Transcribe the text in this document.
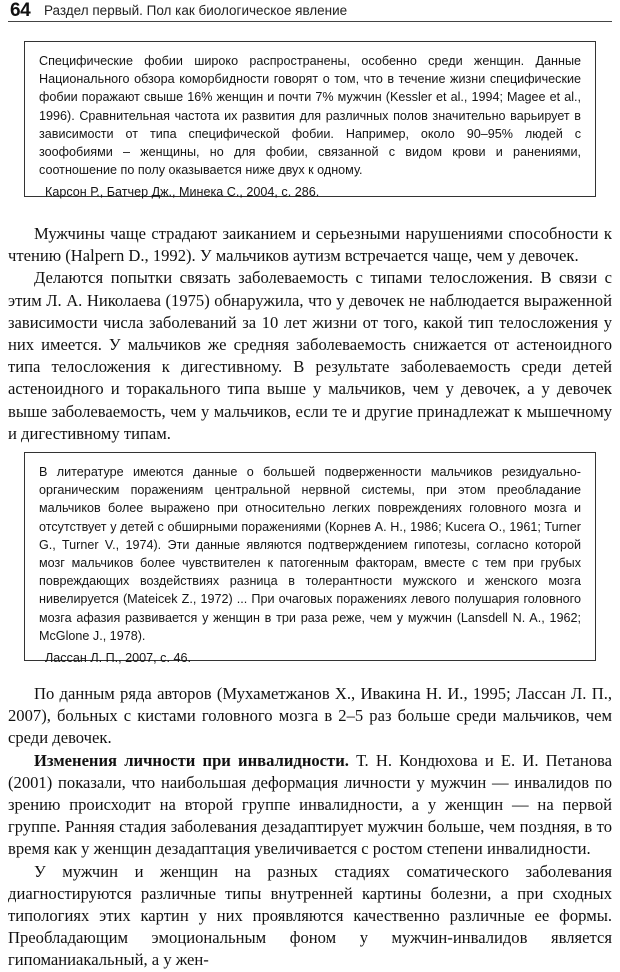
64 Раздел первый. Пол как биологическое явление

Специфические фобии широко распространены, особенно среди женщин. Данные Национального обзора коморбидности говорят о том, что в течение жизни специфические фобии поражают свыше 16% женщин и почти 7% мужчин (Kessler et al., 1994; Magee et al., 1996). Сравнительная частота их развития для различных полов значительно варьирует в зависимости от типа специфической фобии. Например, около 90–95% людей с зоофобиями – женщины, но для фобии, связанной с видом крови и ранениями, соотношение по полу оказывается ниже двух к одному.

Карсон Р., Батчер Дж., Минека С., 2004, с. 286.

Мужчины чаще страдают заиканием и серьезными нарушениями способности к чтению (Halpern D., 1992). У мальчиков аутизм встречается чаще, чем у девочек.

Делаются попытки связать заболеваемость с типами телосложения. В связи с этим Л. А. Николаева (1975) обнаружила, что у девочек не наблюдается выраженной зависимости числа заболеваний за 10 лет жизни от того, какой тип телосложения у них имеется. У мальчиков же средняя заболеваемость снижается от астеноидного типа телосложения к дигестивному. В результате заболеваемость среди детей астеноидного и торакального типа выше у мальчиков, чем у девочек, а у девочек выше заболеваемость, чем у мальчиков, если те и другие принадлежат к мышечному и дигестивному типам.

В литературе имеются данные о большей подверженности мальчиков резидуально-органическим поражениям центральной нервной системы, при этом преобладание мальчиков более выражено при относительно легких повреждениях головного мозга и отсутствует у детей с обширными поражениями (Корнев А. Н., 1986; Kucera O., 1961; Turner G., Turner V., 1974). Эти данные являются подтверждением гипотезы, согласно которой мозг мальчиков более чувствителен к патогенным факторам, вместе с тем при грубых повреждающих воздействиях разница в толерантности мужского и женского мозга нивелируется (Mateicek Z., 1972) ... При очаговых поражениях левого полушария головного мозга афазия развивается у женщин в три раза реже, чем у мужчин (Lansdell N. A., 1962; McGlone J., 1978).

Лассан Л. П., 2007, с. 46.

По данным ряда авторов (Мухаметжанов Х., Ивакина Н. И., 1995; Лассан Л. П., 2007), больных с кистами головного мозга в 2–5 раз больше среди мальчиков, чем среди девочек.

Изменения личности при инвалидности. Т. Н. Кондюхова и Е. И. Петанова (2001) показали, что наибольшая деформация личности у мужчин — инвалидов по зрению происходит на второй группе инвалидности, а у женщин — на первой группе. Ранняя стадия заболевания дезадаптирует мужчин больше, чем поздняя, в то время как у женщин дезадаптация увеличивается с ростом степени инвалидности.

У мужчин и женщин на разных стадиях соматического заболевания диагностируются различные типы внутренней картины болезни, а при сходных типологиях этих картин у них проявляются качественно различные ее формы. Преобладающим эмоциональным фоном у мужчин-инвалидов является гипоманиакальный, а у жен-
